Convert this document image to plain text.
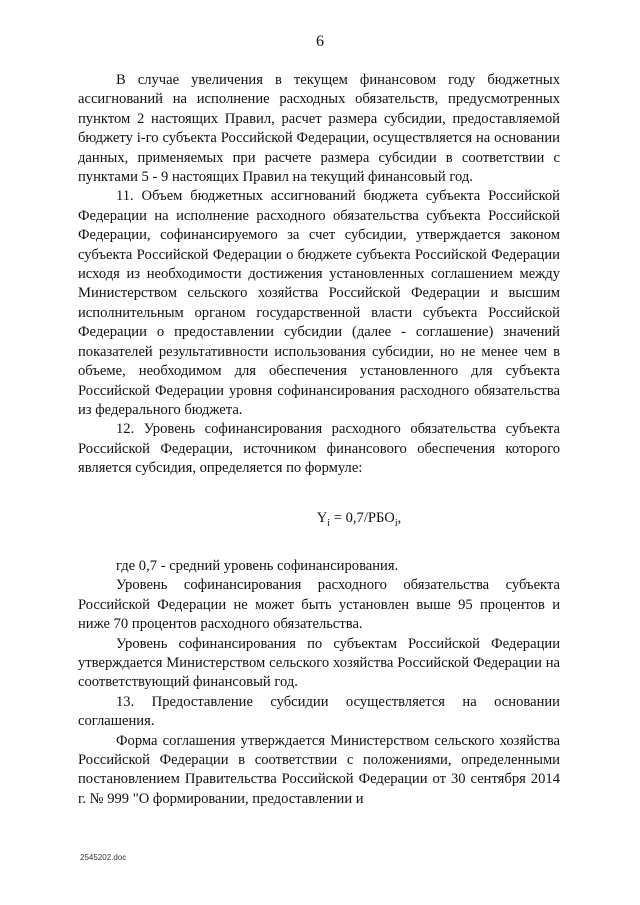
6

В случае увеличения в текущем финансовом году бюджетных ассигнований на исполнение расходных обязательств, предусмотренных пунктом 2 настоящих Правил, расчет размера субсидии, предоставляемой бюджету i-го субъекта Российской Федерации, осуществляется на основании данных, применяемых при расчете размера субсидии в соответствии с пунктами 5 - 9 настоящих Правил на текущий финансовый год.

11. Объем бюджетных ассигнований бюджета субъекта Российской Федерации на исполнение расходного обязательства субъекта Российской Федерации, софинансируемого за счет субсидии, утверждается законом субъекта Российской Федерации о бюджете субъекта Российской Федерации исходя из необходимости достижения установленных соглашением между Министерством сельского хозяйства Российской Федерации и высшим исполнительным органом государственной власти субъекта Российской Федерации о предоставлении субсидии (далее - соглашение) значений показателей результативности использования субсидии, но не менее чем в объеме, необходимом для обеспечения установленного для субъекта Российской Федерации уровня софинансирования расходного обязательства из федерального бюджета.

12. Уровень софинансирования расходного обязательства субъекта Российской Федерации, источником финансового обеспечения которого является субсидия, определяется по формуле:

$Y_i = 0,7/РБО_i$,

где 0,7 - средний уровень софинансирования.

Уровень софинансирования расходного обязательства субъекта Российской Федерации не может быть установлен выше 95 процентов и ниже 70 процентов расходного обязательства.

Уровень софинансирования по субъектам Российской Федерации утверждается Министерством сельского хозяйства Российской Федерации на соответствующий финансовый год.

13. Предоставление субсидии осуществляется на основании соглашения.

Форма соглашения утверждается Министерством сельского хозяйства Российской Федерации в соответствии с положениями, определенными постановлением Правительства Российской Федерации от 30 сентября 2014 г. № 999 "О формировании, предоставлении и

2545202.doc
